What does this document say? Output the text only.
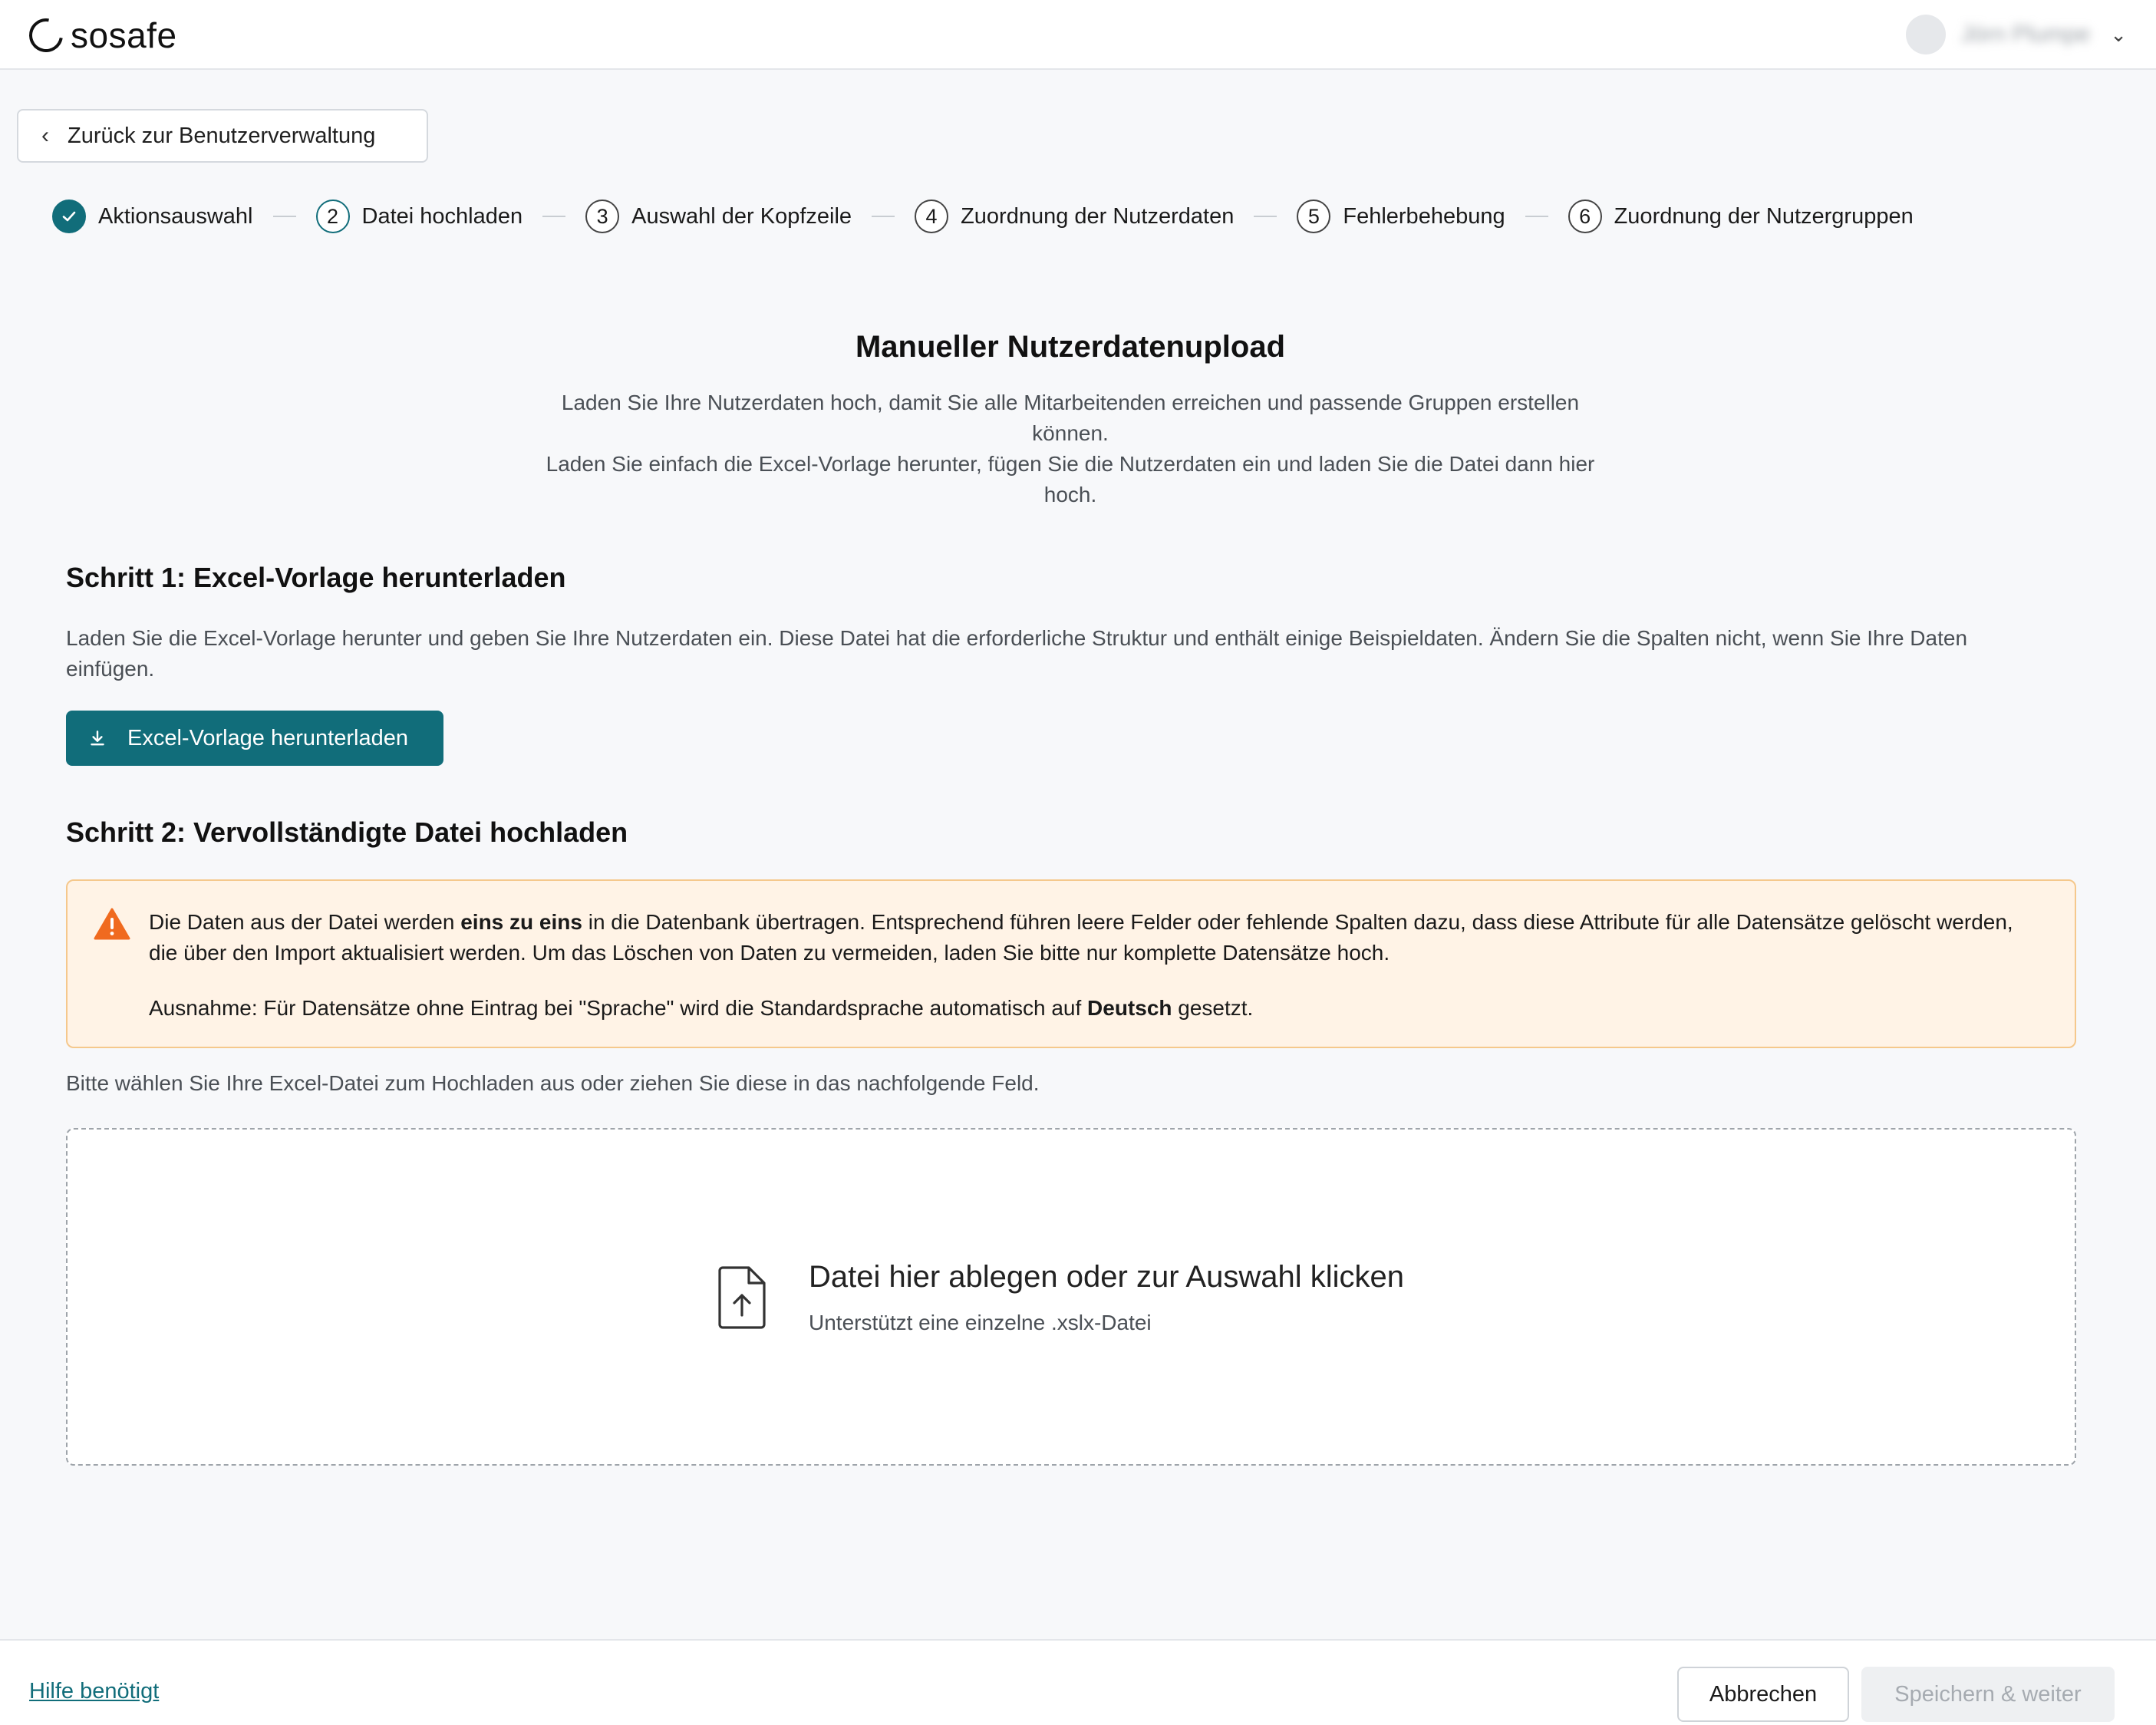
sosafe	Jörn Plumpe ⌄
‹ Zurück zur Benutzerverwaltung
Aktionsauswahl	2	Datei hochladen	3	Auswahl der Kopfzeile	4	Zuordnung der Nutzerdaten	5	Fehlerbehebung	6	Zuordnung der Nutzergruppen
Manueller Nutzerdatenupload

Laden Sie Ihre Nutzerdaten hoch, damit Sie alle Mitarbeitenden erreichen und passende Gruppen erstellen können.

Laden Sie einfach die Excel-Vorlage herunter, fügen Sie die Nutzerdaten ein und laden Sie die Datei dann hier hoch.

Schritt 1: Excel-Vorlage herunterladen
Laden Sie die Excel-Vorlage herunter und geben Sie Ihre Nutzerdaten ein. Diese Datei hat die erforderliche Struktur und enthält einige Beispieldaten. Ändern Sie die Spalten nicht, wenn Sie Ihre Daten einfügen.
Excel-Vorlage herunterladen
Schritt 2: Vervollständigte Datei hochladen

Die Daten aus der Datei werden eins zu eins in die Datenbank übertragen. Entsprechend führen leere Felder oder fehlende Spalten dazu, dass diese Attribute für alle Datensätze gelöscht werden, die über den Import aktualisiert werden. Um das Löschen von Daten zu vermeiden, laden Sie bitte nur komplette Datensätze hoch.

Ausnahme: Für Datensätze ohne Eintrag bei "Sprache" wird die Standardsprache automatisch auf Deutsch gesetzt.

Bitte wählen Sie Ihre Excel-Datei zum Hochladen aus oder ziehen Sie diese in das nachfolgende Feld.
Datei hier ablegen oder zur Auswahl klicken
Unterstützt eine einzelne .xslx-Datei
Hilfe benötigt	Abbrechen	Speichern & weiter
